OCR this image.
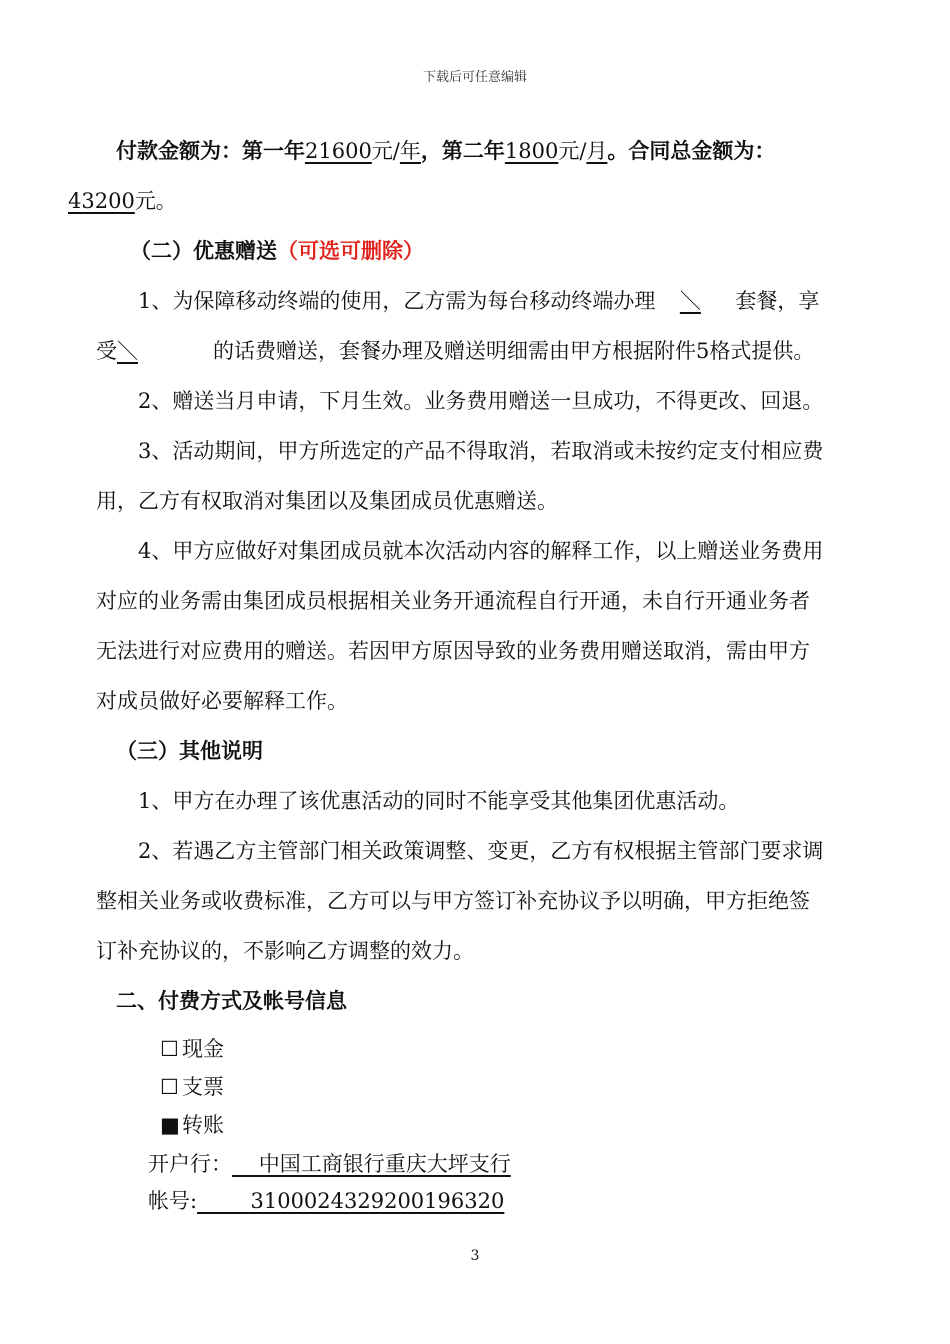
下载后可任意编辑
付款金额为：第一年21600元/年，第二年1800元/月。合同总金额为：
43200元。
（二）优惠赠送（可选可删除）
1、为保障移动终端的使用，乙方需为每台移动终端办理 ＼ 套餐，享
受＼	的话费赠送，套餐办理及赠送明细需由甲方根据附件5格式提供。
2、赠送当月申请，下月生效。业务费用赠送一旦成功，不得更改、回退。
3、活动期间，甲方所选定的产品不得取消，若取消或未按约定支付相应费
用，乙方有权取消对集团以及集团成员优惠赠送。
4、甲方应做好对集团成员就本次活动内容的解释工作，以上赠送业务费用
对应的业务需由集团成员根据相关业务开通流程自行开通，未自行开通业务者
无法进行对应费用的赠送。若因甲方原因导致的业务费用赠送取消，需由甲方
对成员做好必要解释工作。
（三）其他说明
1、甲方在办理了该优惠活动的同时不能享受其他集团优惠活动。
2、若遇乙方主管部门相关政策调整、变更，乙方有权根据主管部门要求调
整相关业务或收费标准，乙方可以与甲方签订补充协议予以明确，甲方拒绝签
订补充协议的，不影响乙方调整的效力。
二、付费方式及帐号信息
☐ 现金
☐ 支票
■ 转账
开户行：    中国工商银行重庆大坪支行
帐号:        3100024329200196320
3
